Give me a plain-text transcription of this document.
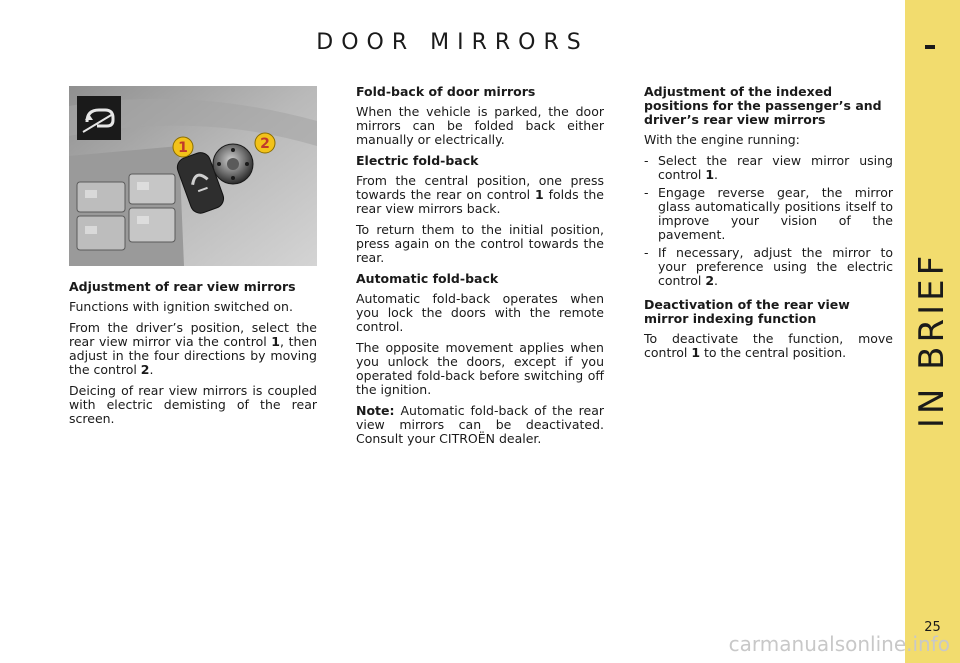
DOOR MIRRORS
IN BRIEF
25
1	2
Adjustment of rear view mirrors
Functions with ignition switched on.
From the driver’s position, select the rear view mirror via the control 1, then adjust in the four directions by moving the control 2.
Deicing of rear view mirrors is coupled with electric demisting of the rear screen.
Fold-back of door mirrors
When the vehicle is parked, the door mirrors can be folded back either manually or electrically.
Electric fold-back
From the central position, one press towards the rear on control 1 folds the rear view mirrors back.
To return them to the initial position, press again on the control towards the rear.
Automatic fold-back
Automatic fold-back operates when you lock the doors with the remote control.
The opposite movement applies when you unlock the doors, except if you operated fold-back before switching off the ignition.
Note: Automatic fold-back of the rear view mirrors can be deactivated. Consult your CITROËN dealer.
Adjustment of the indexed positions for the passenger’s and driver’s rear view mirrors
With the engine running:
- Select the rear view mirror using control 1.
- Engage reverse gear, the mirror glass automatically positions itself to improve your vision of the pavement.
- If necessary, adjust the mirror to your preference using the electric control 2.
Deactivation of the rear view mirror indexing function
To deactivate the function, move control 1 to the central position.
carmanualsonline.info
